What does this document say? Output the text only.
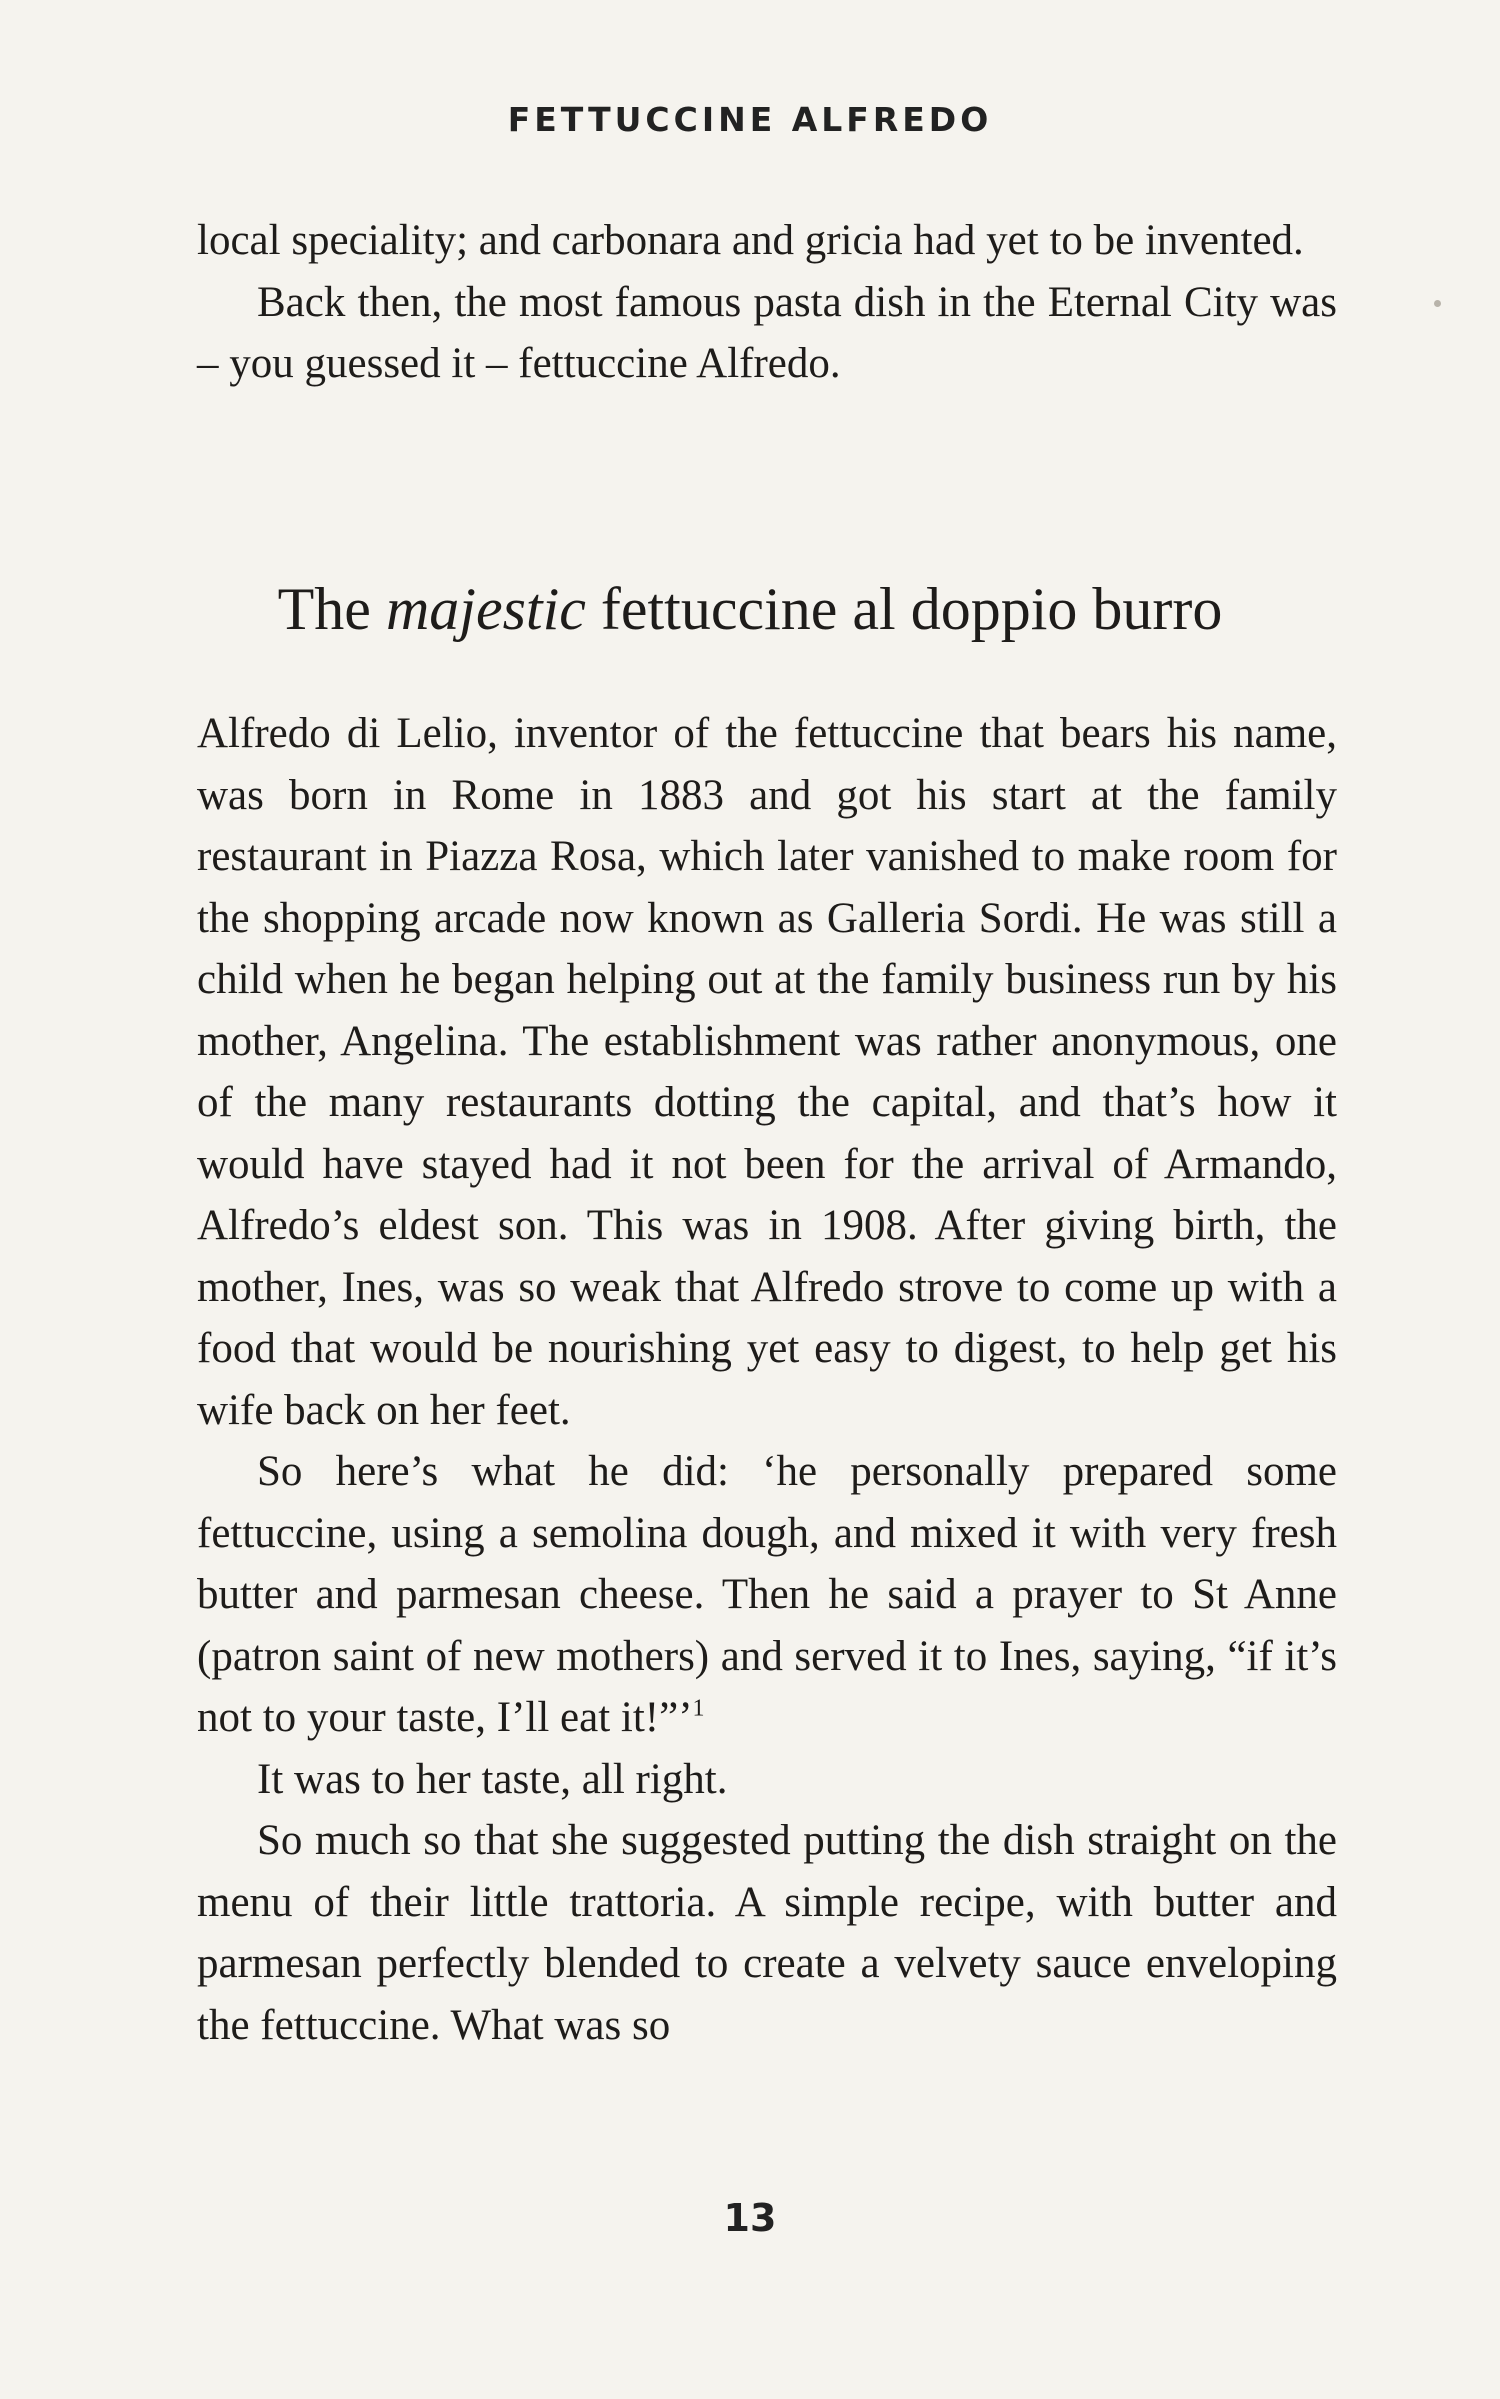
FETTUCCINE ALFREDO

local speciality; and carbonara and gricia had yet to be invented.

Back then, the most famous pasta dish in the Eternal City was – you guessed it – fettuccine Alfredo.

The majestic fettuccine al doppio burro

Alfredo di Lelio, inventor of the fettuccine that bears his name, was born in Rome in 1883 and got his start at the family restaurant in Piazza Rosa, which later vanished to make room for the shopping arcade now known as Galleria Sordi. He was still a child when he began helping out at the family business run by his mother, Angelina. The establishment was rather anonymous, one of the many restaurants dotting the capital, and that’s how it would have stayed had it not been for the arrival of Armando, Alfredo’s eldest son. This was in 1908. After giving birth, the mother, Ines, was so weak that Alfredo strove to come up with a food that would be nourishing yet easy to digest, to help get his wife back on her feet.

So here’s what he did: ‘he personally prepared some fettuccine, using a semolina dough, and mixed it with very fresh butter and parmesan cheese. Then he said a prayer to St Anne (patron saint of new mothers) and served it to Ines, saying, “if it’s not to your taste, I’ll eat it!”’$^1$

It was to her taste, all right.

So much so that she suggested putting the dish straight on the menu of their little trattoria. A simple recipe, with butter and parmesan perfectly blended to create a velvety sauce enveloping the fettuccine. What was so

13
